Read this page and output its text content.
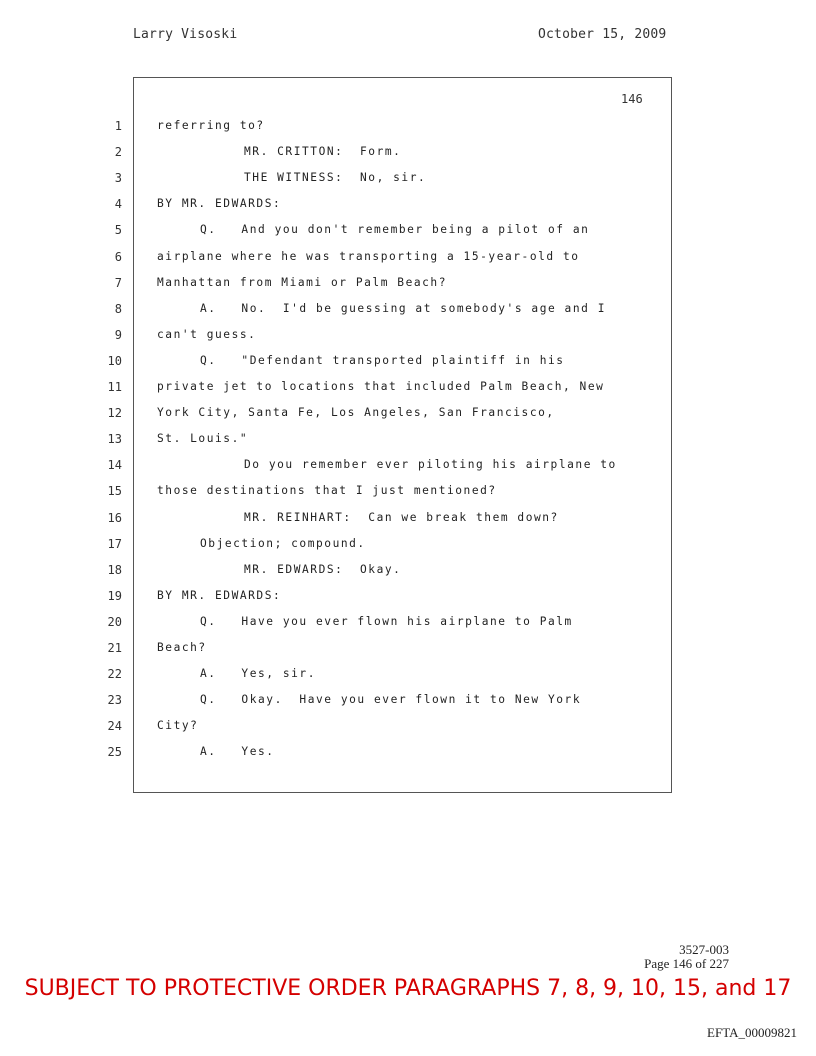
Larry Visoski	October 15, 2009
146
1	referring to?
2	MR. CRITTON:  Form.
3	THE WITNESS:  No, sir.
4	BY MR. EDWARDS:
5	Q.   And you don't remember being a pilot of an
6	airplane where he was transporting a 15-year-old to
7	Manhattan from Miami or Palm Beach?
8	A.   No.  I'd be guessing at somebody's age and I
9	can't guess.
10	Q.   "Defendant transported plaintiff in his
11	private jet to locations that included Palm Beach, New
12	York City, Santa Fe, Los Angeles, San Francisco,
13	St. Louis."
14	Do you remember ever piloting his airplane to
15	those destinations that I just mentioned?
16	MR. REINHART:  Can we break them down?
17	Objection; compound.
18	MR. EDWARDS:  Okay.
19	BY MR. EDWARDS:
20	Q.   Have you ever flown his airplane to Palm
21	Beach?
22	A.   Yes, sir.
23	Q.   Okay.  Have you ever flown it to New York
24	City?
25	A.   Yes.
3527-003
Page 146 of 227
SUBJECT TO PROTECTIVE ORDER PARAGRAPHS 7, 8, 9, 10, 15, and 17
EFTA_00009821
